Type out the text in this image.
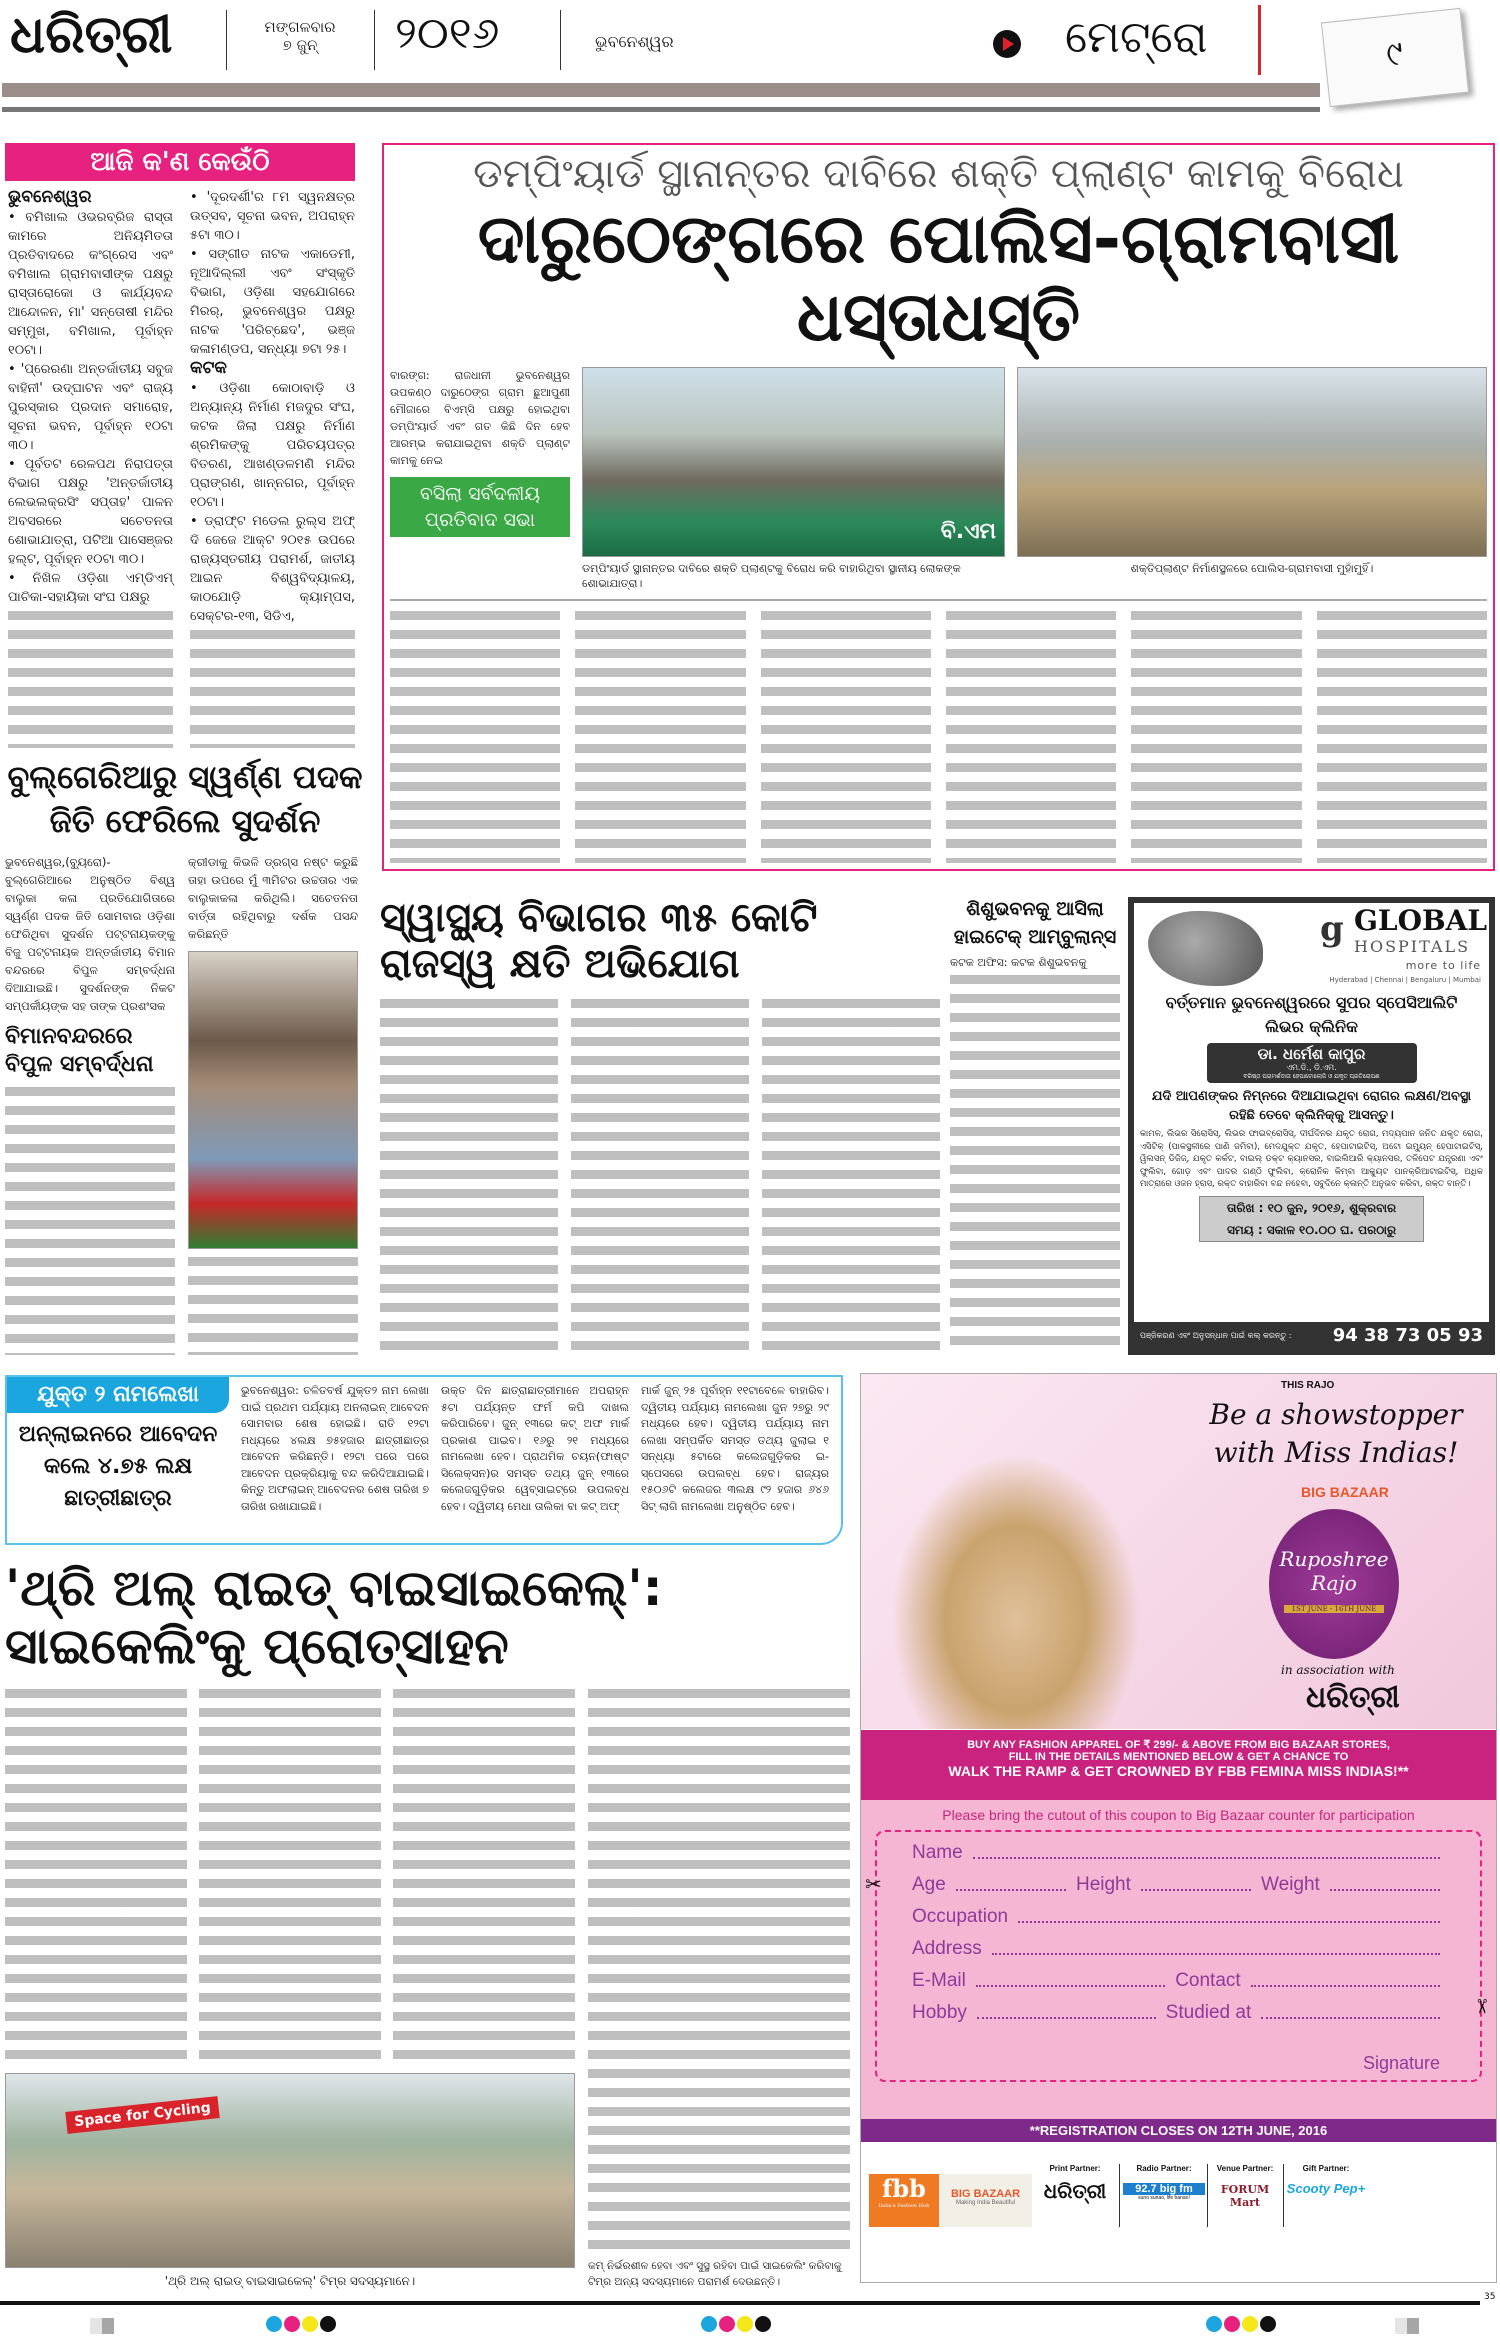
ଧରିତ୍ରୀ	ମଙ୍ଗଳବାର
୭ ଜୁନ୍	୨୦୧୬	ଭୁବନେଶ୍ୱର	ମେଟ୍ରୋ	୯
ଆଜି କ'ଣ କେଉଁଠି
ଭୁବନେଶ୍ୱର

• ବମିଖାଲ ଓଭରବ୍ରିଜ ରାସ୍ତା କାମରେ ଅନିୟମିତତା ପ୍ରତିବାଦରେ କଂଗ୍ରେସ ଏବଂ ବମିଖାଲ ଗ୍ରାମବାସୀଙ୍କ ପକ୍ଷରୁ ରାସ୍ତାରୋକୋ ଓ କାର୍ଯ୍ୟବନ୍ଦ ଆନ୍ଦୋଳନ, ମା' ସନ୍ତୋଷୀ ମନ୍ଦିର ସମ୍ମୁଖ, ବମିଖାଲ, ପୂର୍ବାହ୍ନ ୧୦ଟା।

• 'ପ୍ରେରଣା ଅନ୍ତର୍ଜାତୀୟ ସବୁଜ ବାହିନୀ' ଉଦ୍‌ଘାଟନ ଏବଂ ରାଜ୍ୟ ପୁରସ୍କାର ପ୍ରଦାନ ସମାରୋହ, ସୂଚନା ଭବନ, ପୂର୍ବାହ୍ନ ୧୦ଟା ୩୦।

• ପୂର୍ବତଟ ରେଳପଥ ନିରାପତ୍ତା ବିଭାଗ ପକ୍ଷରୁ 'ଅନ୍ତର୍ଜାତୀୟ ଲେଭଲକ୍ରସିଂ ସପ୍ତାହ' ପାଳନ ଅବସରରେ ସଚେତନତା ଶୋଭାଯାତ୍ରା, ପଟିଆ ପାସେଞ୍ଜର ହଲ୍‌ଟ, ପୂର୍ବାହ୍ନ ୧୦ଟା ୩୦।

• ନିଖିଳ ଓଡ଼ିଶା ଏମ୍‌ଡିଏମ୍ ପାଚିକା-ସହାୟିକା ସଂଘ ପକ୍ଷରୁ

• 'ଦୂରଦର୍ଶୀ'ର ୮ମ ସ୍ୱନକ୍ଷତ୍ର ଉତ୍ସବ, ସୂଚନା ଭବନ, ଅପରାହ୍ନ ୫ଟା ୩୦।

• ସଙ୍ଗୀତ ନାଟକ ଏକାଡେମୀ, ନୂଆଦିଲ୍ଲୀ ଏବଂ ସଂସ୍କୃତି ବିଭାଗ, ଓଡ଼ିଶା ସହଯୋଗରେ ମିରର୍, ଭୁବନେଶ୍ୱର ପକ୍ଷରୁ ନାଟକ 'ପରିଚ୍ଛେଦ', ଭଞ୍ଜ କଳାମଣ୍ଡପ, ସନ୍ଧ୍ୟା ୭ଟା ୨୫।

କଟକ

• ଓଡ଼ିଶା କୋଠାବାଡ଼ି ଓ ଅନ୍ୟାନ୍ୟ ନିର୍ମାଣ ମଜଦୁର ସଂଘ, କଟକ ଜିଲା ପକ୍ଷରୁ ନିର୍ମାଣ ଶ୍ରମିକଙ୍କୁ ପରିଚୟପତ୍ର ବିତରଣ, ଆଖଣ୍ଡଳମଣି ମନ୍ଦିର ପ୍ରାଙ୍ଗଣ, ଖାନ୍‌ନଗର, ପୂର୍ବାହ୍ନ ୧୦ଟା।

• ଡ୍ରାଫ୍ଟ ମଡେଲ ରୁଲ୍‌ସ ଅଫ୍ ଦି ଜେଜେ ଆକ୍ଟ ୨୦୧୫ ଉପରେ ରାଜ୍ୟସ୍ତରୀୟ ପରାମର୍ଶ, ଜାତୀୟ ଆଇନ ବିଶ୍ୱବିଦ୍ୟାଳୟ, କାଠଯୋଡ଼ି କ୍ୟାମ୍ପସ, ସେକ୍ଟର-୧୩, ସିଡିଏ,

ଡମ୍ପିଂୟାର୍ଡ ସ୍ଥାନାନ୍ତର ଦାବିରେ ଶକ୍ତି ପ୍ଲାଣ୍ଟ କାମକୁ ବିରୋଧ
ଦାରୁଠେଙ୍ଗରେ ପୋଲିସ-ଗ୍ରାମବାସୀ ଧସ୍ତାଧସ୍ତି

ବାରଙ୍ଗ: ରାଜଧାନୀ ଭୁବନେଶ୍ୱର ଉପକଣ୍ଠ ଦାରୁଠେଙ୍ଗ ଗ୍ରାମ ଛୁଆପୁଣୀ ମୌଜାରେ ବିଏମ୍‌ସି ପକ୍ଷରୁ ହୋଇଥିବା ଡମ୍ପିଂୟାର୍ଡ ଏବଂ ଗତ କିଛି ଦିନ ହେବ ଆରମ୍ଭ କରାଯାଇଥିବା ଶକ୍ତି ପ୍ଲାଣ୍ଟ କାମକୁ ନେଇ

ବସିଲା ସର୍ବଦଳୀୟ ପ୍ରତିବାଦ ସଭା	ବି.ଏମ
ଡମ୍ପିଂୟାର୍ଡ ସ୍ଥାନାନ୍ତର ଦାବିରେ ଶକ୍ତି ପ୍ଲାଣ୍ଟକୁ ବିରୋଧ କରି ବାହାରିଥିବା ସ୍ଥାନୀୟ ଲୋକଙ୍କ ଶୋଭାଯାତ୍ରା।
ଶକ୍ତିପ୍ଲାଣ୍ଟ ନିର୍ମାଣସ୍ଥଳରେ ପୋଲିସ-ଗ୍ରାମବାସୀ ମୁହାଁମୁହିଁ।
ବୁଲ୍‌ଗେରିଆରୁ ସ୍ୱର୍ଣ୍ଣ ପଦକ ଜିତି ଫେରିଲେ ସୁଦର୍ଶନ

ଭୁବନେଶ୍ୱର,(ବ୍ୟୁରୋ)- ବୁଲ୍‌ଗେରିଆରେ ଅନୁଷ୍ଠିତ ବିଶ୍ୱ ବାଲୁକା କଳା ପ୍ରତିଯୋଗିତାରେ ସ୍ୱର୍ଣ୍ଣ ପଦକ ଜିତି ସୋମବାର ଓଡ଼ିଶା ଫେରିଥିବା ସୁଦର୍ଶନ ପଟ୍ଟନାୟକଙ୍କୁ ବିଜୁ ପଟ୍ଟନାୟକ ଅନ୍ତର୍ଜାତୀୟ ବିମାନ ବନ୍ଦରରେ ବିପୁଳ ସମ୍ବର୍ଦ୍ଧନା ଦିଆଯାଇଛି। ସୁଦର୍ଶନଙ୍କ ନିକଟ ସମ୍ପର୍କୀୟଙ୍କ ସହ ତାଙ୍କ ପ୍ରଶଂସକ

ବିମାନବନ୍ଦରରେ ବିପୁଳ ସମ୍ବର୍ଦ୍ଧନା

କ୍ରୀଡାକୁ କିଭଳି ଡ୍ରଗ୍ସ ନଷ୍ଟ କରୁଛି ତାହା ଉପରେ ମୁଁ ୩ମିଟର ଉଚ୍ଚତାର ଏକ ବାଲୁକାକଳା କରିଥିଲି। ସଚେତନତା ବାର୍ତ୍ତା ରହିଥିବାରୁ ଦର୍ଶକ ପସନ୍ଦ କରିଛନ୍ତି	ସ୍ୱାସ୍ଥ୍ୟ ବିଭାଗର ୩୫ କୋଟି ରାଜସ୍ୱ କ୍ଷତି ଅଭିଯୋଗ
ଶିଶୁଭବନକୁ ଆସିଲା ହାଇଟେକ୍ ଆମ୍ବୁଲାନ୍ସ
କଟକ ଅଫିସ: କଟକ ଶିଶୁଭବନକୁ
g GLOBAL
HOSPITALS
more to life
Hyderabad | Chennai | Bengaluru | Mumbai
ବର୍ତ୍ତମାନ ଭୁବନେଶ୍ୱରରେ ସୁପର ସ୍ପେସିଆଲିଟି ଲିଭର କ୍ଲିନିକ
ଡା. ଧର୍ମେଶ କାପୁର
ଏମ.ଡି., ଡି.ଏମ.
ବରିଷ୍ଠ ପରାମର୍ଶଦାତା ହେପାଟୋଲୋଜି ଓ ଯକୃତ ପ୍ରତିରୋପଣ
ଯଦି ଆପଣଙ୍କର ନିମ୍ନରେ ଦିଆଯାଇଥିବା ରୋଗର ଲକ୍ଷଣ/ଅବସ୍ଥା ରହିଛି ତେବେ କ୍ଲିନିକ୍‌କୁ ଆସନ୍ତୁ।
କାମଳ, ଲିଭର ସିରୋସିସ୍, ଲିଭର ଫାଇବ୍ରୋସିସ୍, ଦୀର୍ଘଦିନର ଯକୃତ ରୋଗ, ମଦ୍ୟପାନ ଜନିତ ଯକୃତ ରୋଗ, ଏସିଟିକ୍ (ପାକସ୍ଥଳୀରେ ପାଣି ଜମିବା), ମେଦଯୁକ୍ତ ଯକୃତ, ହେପାଟାଇଟିସ୍, ଅଟୋ ଇମ୍ୟୁନ୍ ହେପାଟାଇଟିସ୍, ୱିଲସନ୍ ଡିଜିଜ୍, ଯକୃତ କର୍କଟ, ବାଇଲ୍ ଡକ୍ଟ କ୍ୟାନସର, ବାଇଲିଆରି କ୍ୟାନସର, ତଳିପେଟ ଯନ୍ତ୍ରଣା ଏବଂ ଫୁଲିବା, ଗୋଡ଼ ଏବଂ ପାଦର ଗଣ୍ଠି ଫୁଲିବା, କ୍ରୋନିକ କିମ୍ବା ଆକ୍ୟୁଟ ପାନକ୍ରିଆଟାଇଟିସ୍, ଅଧିକ ମାତ୍ରାରେ ଓଜନ ହ୍ରାସ, ରକ୍ତ ବାହାରିବା ବନ୍ଦ ନହେବା, ସବୁଦିନେ କ୍ଳାନ୍ତି ଅନୁଭବ କରିବା, ରକ୍ତ ବାନ୍ତି।
ତାରିଖ : ୧୦ ଜୁନ, ୨୦୧୬, ଶୁକ୍ରବାର
ସମୟ : ସକାଳ ୧୦.୦୦ ଘ. ପରଠାରୁ
ପଞ୍ଜିକରଣ ଏବଂ ଅନୁସନ୍ଧାନ ପାଇଁ କଲ୍ କରନ୍ତୁ : 94 38 73 05 93
ଯୁକ୍ତ ୨ ନାମଲେଖା
ଅନ୍‌ଲାଇନରେ ଆବେଦନ କଲେ ୪.୭୫ ଲକ୍ଷ ଛାତ୍ରୀଛାତ୍ର

ଭୁବନେଶ୍ୱର: ଚଳିତବର୍ଷ ଯୁକ୍ତ୨ ନାମ ଲେଖା ପାଇଁ ପ୍ରଥମ ପର୍ଯ୍ୟାୟ ଅନଲାଇନ୍ ଆବେଦନ ସୋମବାର ଶେଷ ହୋଇଛି। ରାତି ୧୨ଟା ମଧ୍ୟରେ ୪ଲକ୍ଷ ୭୫ହଜାର ଛାତ୍ରୀଛାତ୍ର ଆବେଦନ କରିଛନ୍ତି। ୧୨ଟା ପରେ ପରେ ଆବେଦନ ପ୍ରକ୍ରିୟାକୁ ବନ୍ଦ କରିଦିଆଯାଇଛି। କିନ୍ତୁ ଅଫଲାଇନ୍ ଆବେଦନର ଶେଷ ତାରିଖ ୭ ତାରିଖ ରଖାଯାଇଛି।

ଉକ୍ତ ଦିନ ଛାତ୍ରାଛାତ୍ରୀମାନେ ଅପରାହ୍ନ ୫ଟା ପର୍ଯ୍ୟନ୍ତ ଫର୍ମ କପି ଦାଖଲ କରିପାରିବେ। ଜୁନ୍ ୧୩ରେ କଟ୍ ଅଫ ମାର୍କ ପ୍ରକାଶ ପାଇବ। ୧୬ରୁ ୨୧ ମଧ୍ୟରେ ନାମଲେଖା ହେବ। ପ୍ରାଥମିକ ଚୟନ(ଫାଷ୍ଟ ସିଲେକ୍ସନ)ର ସମସ୍ତ ତଥ୍ୟ ଜୁନ୍ ୧୩ରେ କଲେଜଗୁଡ଼ିକର ୱେବ୍‌ସାଇଟ୍‌ରେ ଉପଲବ୍ଧ ହେବ। ଦ୍ୱିତୀୟ ମେଧା ତାଲିକା ବା କଟ୍ ଅଫ୍

ମାର୍କ ଜୁନ୍ ୨୫ ପୂର୍ବାହ୍ନ ୧୧ଟାବେଳେ ବାହାରିବ। ଦ୍ୱିତୀୟ ପର୍ଯ୍ୟାୟ ନାମଲେଖା ଜୁନ ୨୭ରୁ ୨୯ ମଧ୍ୟରେ ହେବ। ଦ୍ୱିତୀୟ ପର୍ଯ୍ୟାୟ ନାମ ଲେଖା ସମ୍ପର୍କିତ ସମସ୍ତ ତଥ୍ୟ ଜୁଲାଇ ୧ ସନ୍ଧ୍ୟା ୫ଟାରେ କଲେଜଗୁଡ଼ିକର ଇ-ସ୍ପେସରେ ଉପଲବ୍ଧ ହେବ। ରାଜ୍ୟର ୧୫୦୬ଟି କଲେଜର ୩ଲକ୍ଷ ୯୨ ହଜାର ୬୪୬ ସିଟ୍ ଲାଗି ନାମଲେଖା ଅନୁଷ୍ଠିତ ହେବ।

'ଥ୍ରି ଅଲ୍ ରାଇଡ୍ ବାଇସାଇକେଲ୍': ସାଇକେଲିଂକୁ ପ୍ରୋତ୍ସାହନ
Space for Cycling
'ଥ୍ରି ଅଲ୍ ରାଇଡ୍ ବାଇସାଇକେଲ୍' ଟିମ୍‌ର ସଦସ୍ୟମାନେ।
କମ୍ ନିର୍ଭରଶୀଳ ହେବା ଏବଂ ସୁସ୍ଥ ରହିବା ପାଇଁ ସାଇକେଲିଂ କରିବାକୁ ଟିମ୍‌ର ଅନ୍ୟ ସଦସ୍ୟମାନେ ପରାମର୍ଶ ଦେଉଛନ୍ତି।
THIS RAJO
Be a showstopper
with Miss Indias!
BIG BAZAAR
Ruposhree
Rajo
1ST JUNE - 16TH JUNE
in association with
ଧରିତ୍ରୀ
BUY ANY FASHION APPAREL OF ₹ 299/- & ABOVE FROM BIG BAZAAR STORES,
FILL IN THE DETAILS MENTIONED BELOW & GET A CHANCE TO
WALK THE RAMP & GET CROWNED BY FBB FEMINA MISS INDIAS!**
Please bring the cutout of this coupon to Big Bazaar counter for participation
Name
Age	Height	Weight
Occupation
Address
E-Mail	Contact
Hobby	Studied at
Signature
✂
✂
**REGISTRATION CLOSES ON 12TH JUNE, 2016
fbb
India's Fashion Hub
BIG BAZAAR
Making India Beautiful
Print Partner:
ଧରିତ୍ରୀ
Radio Partner:
92.7 big fm
suno sunao, life banao!
Venue Partner:
FORUM Mart
Gift Partner:
Scooty Pep+
35
